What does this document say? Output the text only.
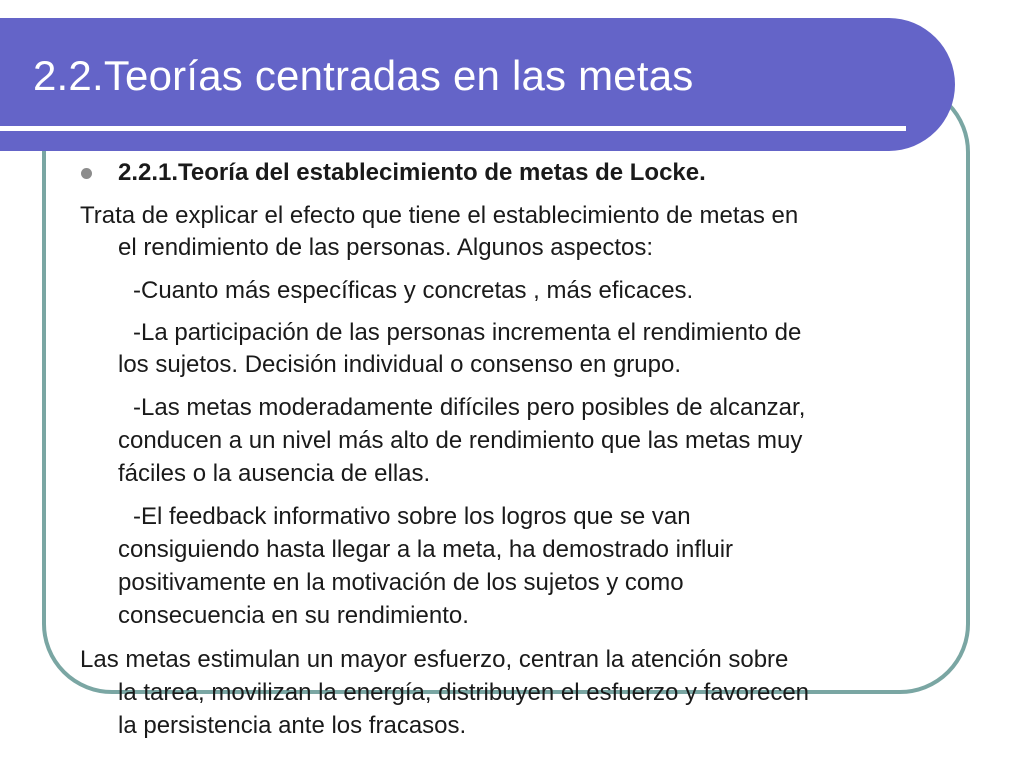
2.2.Teorías centradas en las metas

2.2.1.Teoría del establecimiento de metas de Locke.

Trata de explicar el efecto que tiene el establecimiento de metas en

el rendimiento de las personas. Algunos aspectos:

-Cuanto más específicas y concretas , más eficaces.

-La participación de las personas incrementa el rendimiento de

los sujetos. Decisión individual o consenso en grupo.

-Las metas moderadamente difíciles pero posibles de alcanzar,

conducen a un nivel más alto de rendimiento que las metas muy

fáciles o la ausencia de ellas.

-El feedback informativo sobre los logros que se van

consiguiendo hasta llegar a la meta, ha demostrado influir

positivamente en la motivación de los sujetos y como

consecuencia en su rendimiento.

Las metas estimulan un mayor esfuerzo, centran la atención sobre

la tarea, movilizan la energía, distribuyen el esfuerzo y favorecen

la persistencia ante los fracasos.
